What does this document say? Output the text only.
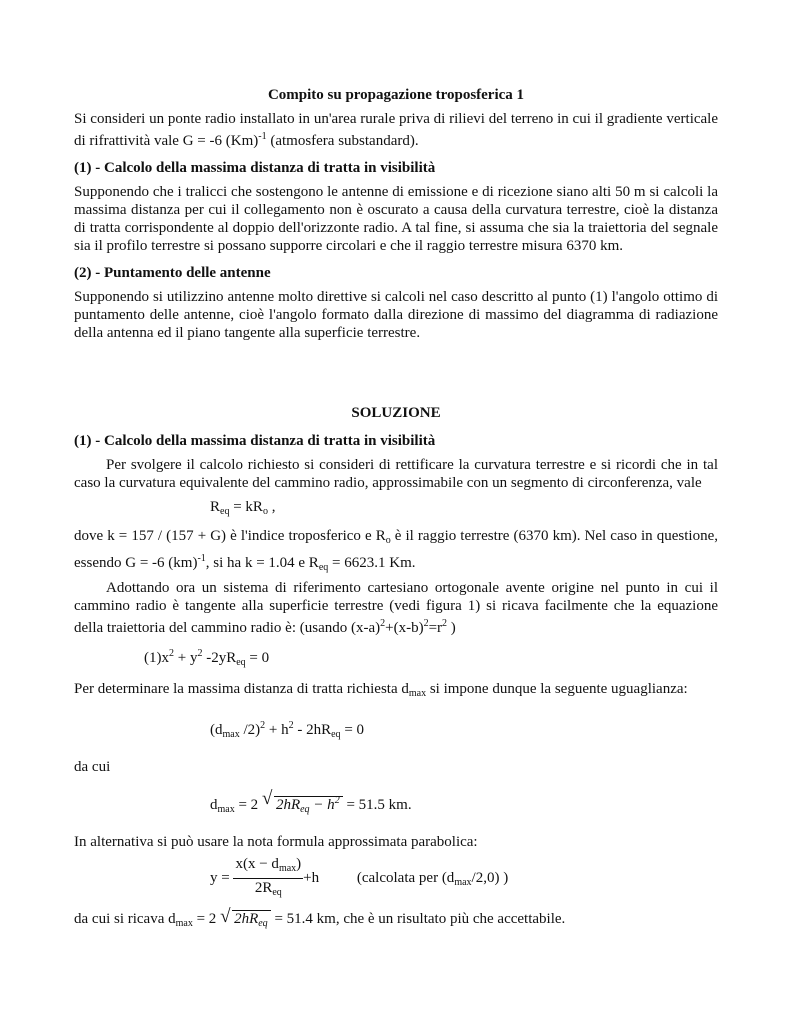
Compito su propagazione troposferica 1

Si consideri un ponte radio installato in un'area rurale priva di rilievi del terreno in cui il gradiente verticale di rifrattività vale G = -6 $(Km)^{-1}$ (atmosfera substandard).

(1) - Calcolo della massima distanza di tratta in visibilità

Supponendo che i tralicci che sostengono le antenne di emissione e di ricezione siano alti 50 m si calcoli la massima distanza per cui il collegamento non è oscurato a causa della curvatura terrestre, cioè la distanza di tratta corrispondente al doppio dell'orizzonte radio. A tal fine, si assuma che sia la traiettoria del segnale sia il profilo terrestre si possano supporre circolari e che il raggio terrestre misura 6370 km.

(2) - Puntamento delle antenne

Supponendo si utilizzino antenne molto direttive si calcoli nel caso descritto al punto (1) l'angolo ottimo di puntamento delle antenne, cioè l'angolo formato dalla direzione di massimo del diagramma di radiazione della antenna ed il piano tangente alla superficie terrestre.

SOLUZIONE
(1) - Calcolo della massima distanza di tratta in visibilità

Per svolgere il calcolo richiesto si consideri di rettificare la curvatura terrestre e si ricordi che in tal caso la curvatura equivalente del cammino radio, approssimabile con un segmento di circonferenza, vale

$R_{eq} = kR_o$ ,

dove k = 157 / (157 + G) è l'indice troposferico e $R_o$ è il raggio terrestre (6370 km). Nel caso in questione, essendo G = -6 (km)$^{-1}$, si ha k = 1.04 e $R_{eq} = 6623.1$ Km.

Adottando ora un sistema di riferimento cartesiano ortogonale avente origine nel punto in cui il cammino radio è tangente alla superficie terrestre (vedi figura 1) si ricava facilmente che la equazione della traiettoria del cammino radio è: (usando $(x-a)^2+(x-b)^2=r^2$ )

$(1)x^2 + y^2$ $-2yR_{eq} = 0$

Per determinare la massima distanza di tratta richiesta $d_{max}$ si impone dunque la seguente uguaglianza:

($d_{max}$ $/2)^2 + h^2 - 2hR_{eq} = 0$

da cui

$d_{max} = 2$ √ $2hR_{eq} - h^2 = 51.5$ km.

In alternativa si può usare la nota formula approssimata parabolica:

$y = \frac{x(x - d_{max})}{2R_{eq}} +h$	(calcolata per $(d_{max}/2,0)$ )

da cui si ricava $d_{max} = 2$ √ $2hR_{eq} = 51.4$ km, che è un risultato più che accettabile.
